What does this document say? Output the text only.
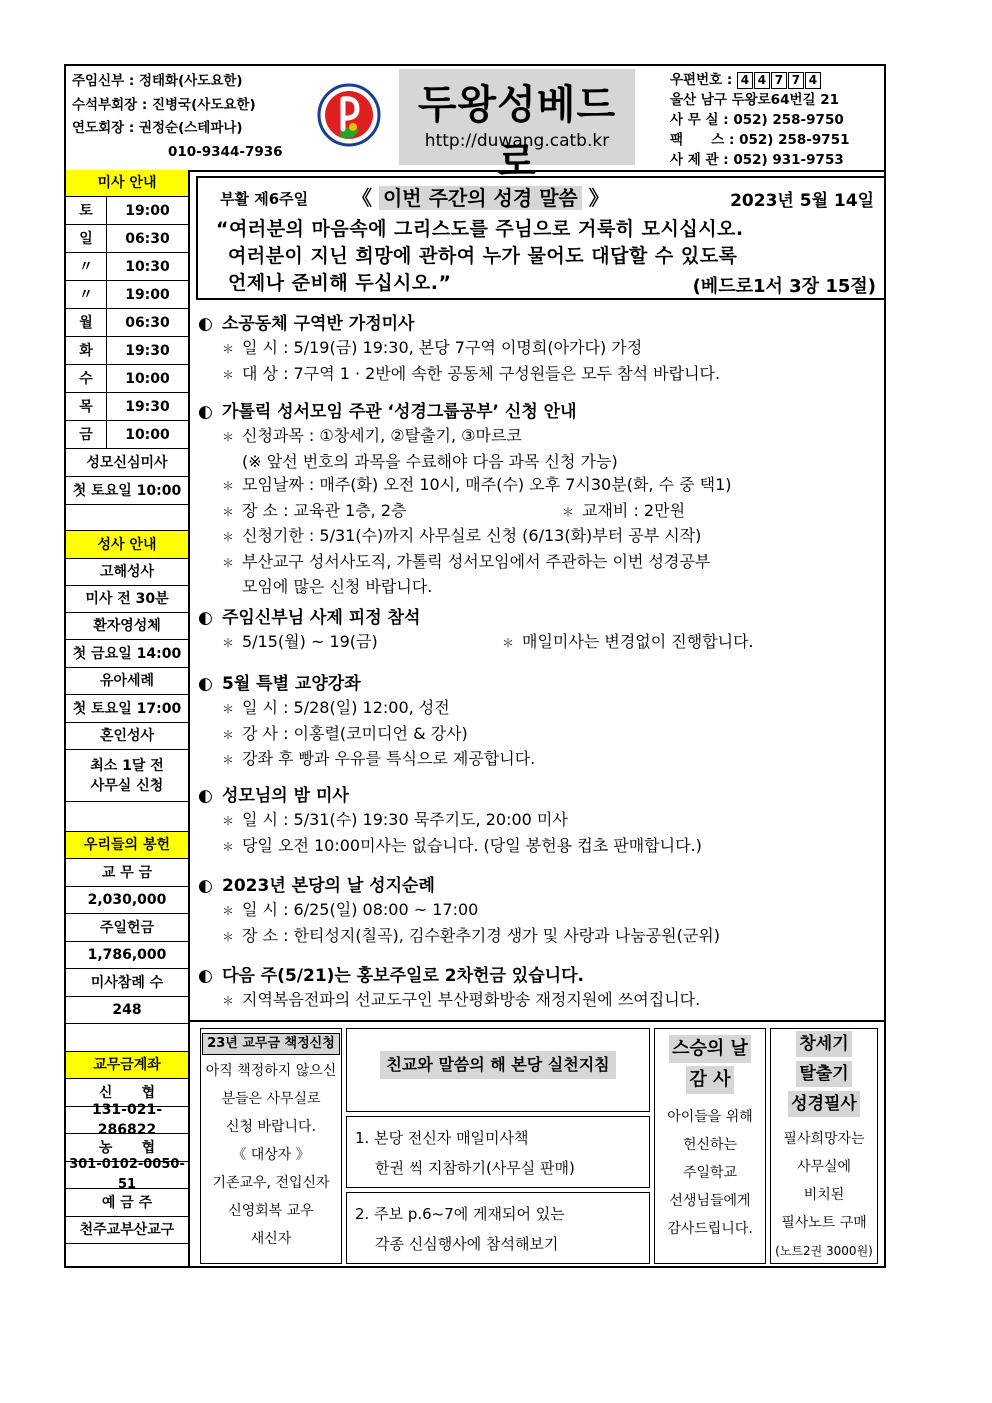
주임신부 : 정태화(사도요한)
수석부회장 : 진병국(사도요한)
연도회장 : 권정순(스테파나)
010-9344-7936
두왕성베드로
http://duwang.catb.kr
우편번호 : 4 4 7 7 4
울산 남구 두왕로64번길 21
사 무 실 : 052) 258-9750
팩      스 : 052) 258-9751
사 제 관 : 052) 931-9753
미사 안내
토	19:00
일	06:30
〃	10:30
〃	19:00
월	06:30
화	19:30
수	10:00
목	19:30
금	10:00
성모신심미사
첫 토요일 10:00
성사 안내
고해성사
미사 전 30분
환자영성체
첫 금요일 14:00
유아세례
첫 토요일 17:00
혼인성사
최소 1달 전
사무실 신청
우리들의 봉헌
교 무 금
2,030,000
주일헌금
1,786,000
미사참례 수
248
교무금계좌
신      협
131-021-286822
농      협
301-0102-0050-51
예 금 주
천주교부산교구
부활 제6주일 《 이번 주간의 성경 말씀 》	2023년 5월 14일
“여러분의 마음속에 그리스도를 주님으로 거룩히 모시십시오.
여러분이 지닌 희망에 관하여 누가 물어도 대답할 수 있도록
언제나 준비해 두십시오.”	(베드로1서 3장 15절)
◐ 소공동체 구역반 가정미사
＊ 일 시 : 5/19(금) 19:30, 본당 7구역 이명희(아가다) 가정
＊ 대 상 : 7구역 1 · 2반에 속한 공동체 구성원들은 모두 참석 바랍니다.
◐ 가톨릭 성서모임 주관 ‘성경그룹공부’ 신청 안내
＊ 신청과목 : ①창세기, ②탈출기, ③마르코
(※ 앞선 번호의 과목을 수료해야 다음 과목 신청 가능)
＊ 모임날짜 : 매주(화) 오전 10시, 매주(수) 오후 7시30분(화, 수 중 택1)
＊ 장 소 : 교육관 1층, 2층	＊ 교재비 : 2만원
＊ 신청기한 : 5/31(수)까지 사무실로 신청 (6/13(화)부터 공부 시작)
＊ 부산교구 성서사도직, 가톨릭 성서모임에서 주관하는 이번 성경공부
모임에 많은 신청 바랍니다.
◐ 주임신부님 사제 피정 참석
＊ 5/15(월) ~ 19(금)	＊ 매일미사는 변경없이 진행합니다.
◐ 5월 특별 교양강좌
＊ 일 시 : 5/28(일) 12:00, 성전
＊ 강 사 : 이홍렬(코미디언 & 강사)
＊ 강좌 후 빵과 우유를 특식으로 제공합니다.
◐ 성모님의 밤 미사
＊ 일 시 : 5/31(수) 19:30 묵주기도, 20:00 미사
＊ 당일 오전 10:00미사는 없습니다. (당일 봉헌용 컵초 판매합니다.)
◐ 2023년 본당의 날 성지순례
＊ 일 시 : 6/25(일) 08:00 ~ 17:00
＊ 장 소 : 한티성지(칠곡), 김수환추기경 생가 및 사랑과 나눔공원(군위)
◐ 다음 주(5/21)는 홍보주일로 2차헌금 있습니다.
＊ 지역복음전파의 선교도구인 부산평화방송 재정지원에 쓰여집니다.
23년 교무금 책정신청
아직 책정하지 않으신
분들은 사무실로
신청 바랍니다.
《 대상자 》
기존교우, 전입신자
신영회복 교우
새신자
친교와 말씀의 해 본당 실천지침
1. 본당 전신자 매일미사책
한권 씩 지참하기(사무실 판매)
2. 주보 p.6~7에 게재되어 있는
각종 신심행사에 참석해보기
스승의 날
감 사
아이들을 위해
헌신하는
주일학교
선생님들에게
감사드립니다.
창세기
탈출기
성경필사
필사희망자는
사무실에
비치된
필사노트 구매
(노트2권 3000원)
